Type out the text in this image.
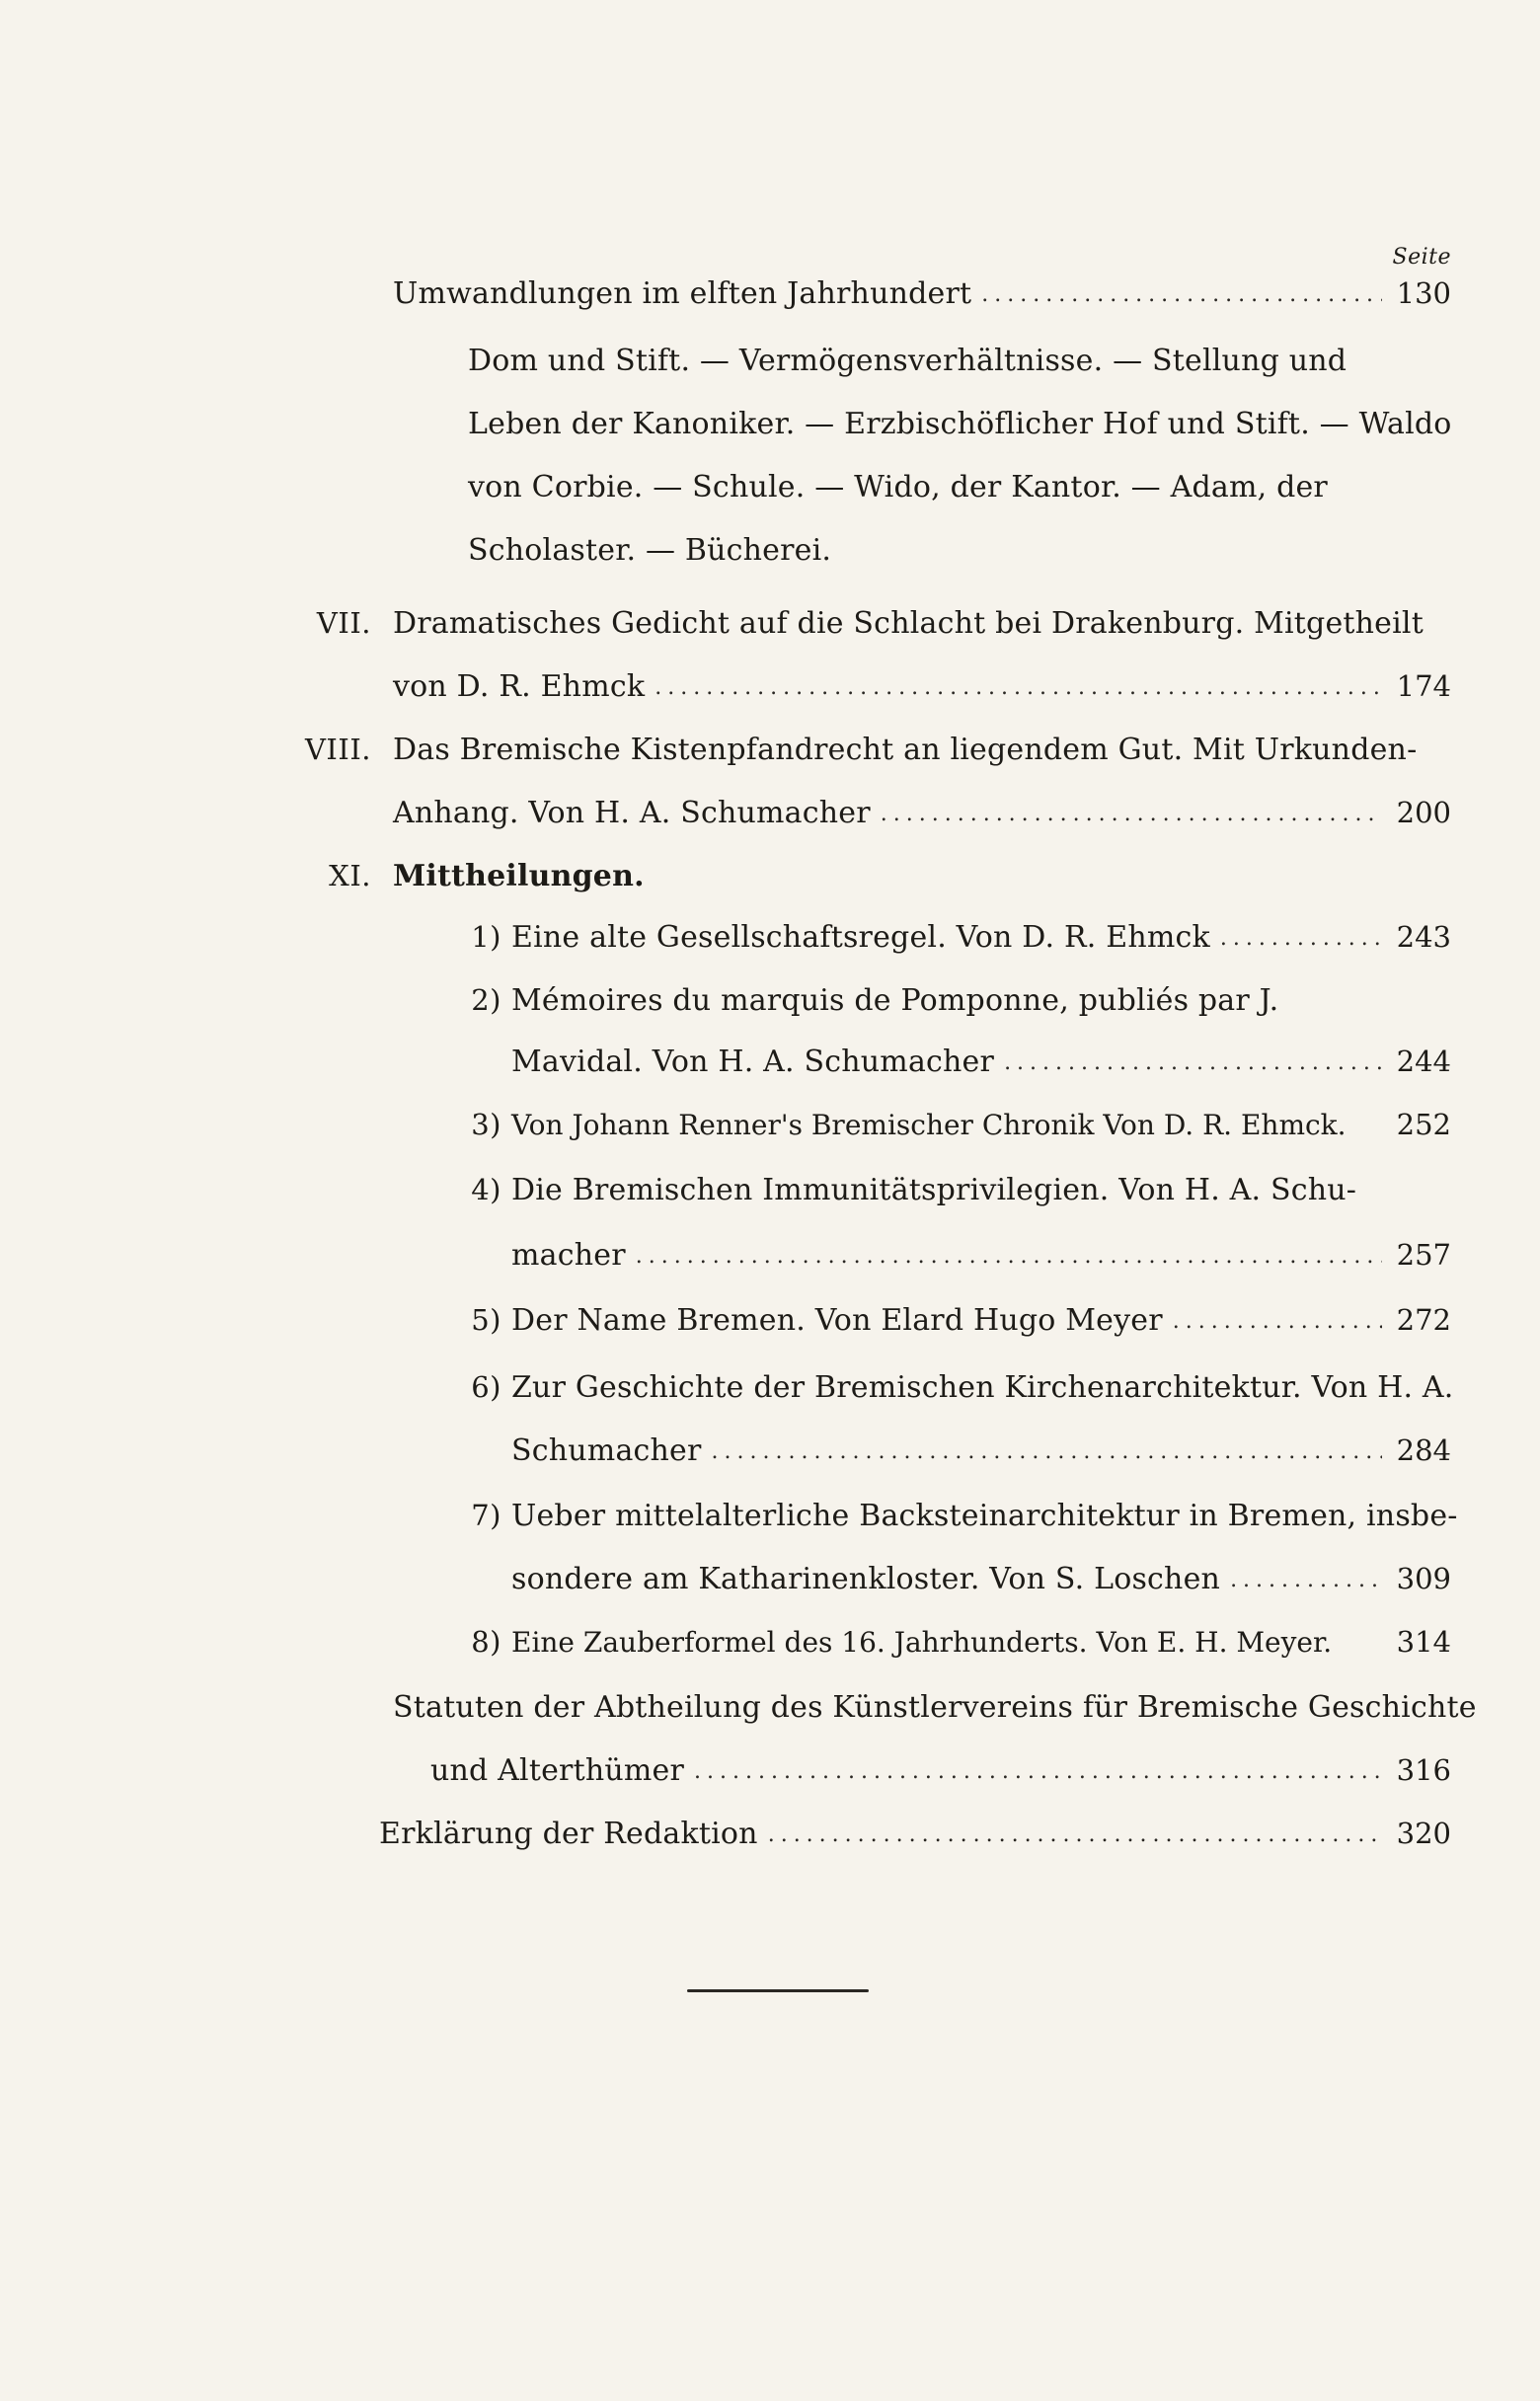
Seite
Umwandlungen im elften Jahrhundert .....	130
Dom und Stift. — Vermögensverhältnisse. — Stellung und
Leben der Kanoniker. — Erzbischöflicher Hof und Stift. — Waldo
von Corbie. — Schule. — Wido, der Kantor. — Adam, der
Scholaster. — Bücherei.
VII. Dramatisches Gedicht auf die Schlacht bei Drakenburg. Mitgetheilt
von D. R. Ehmck .....	174
VIII. Das Bremische Kistenpfandrecht an liegendem Gut. Mit Urkunden-
Anhang. Von H. A. Schumacher .....	200
XI. Mittheilungen.
1) Eine alte Gesellschaftsregel. Von D. R. Ehmck .....	243
2) Mémoires du marquis de Pomponne, publiés par J.
Mavidal. Von H. A. Schumacher .....	244
3) Von Johann Renner's Bremischer Chronik Von D. R. Ehmck. 252
4) Die Bremischen Immunitätsprivilegien. Von H. A. Schu-
macher .....	257
5) Der Name Bremen. Von Elard Hugo Meyer .....	272
6) Zur Geschichte der Bremischen Kirchenarchitektur. Von H. A.
Schumacher .....	284
7) Ueber mittelalterliche Backsteinarchitektur in Bremen, insbe-
sondere am Katharinenkloster. Von S. Loschen .....	309
8) Eine Zauberformel des 16. Jahrhunderts. Von E. H. Meyer. 314
Statuten der Abtheilung des Künstlervereins für Bremische Geschichte
und Alterthümer .....	316
Erklärung der Redaktion .....	320
